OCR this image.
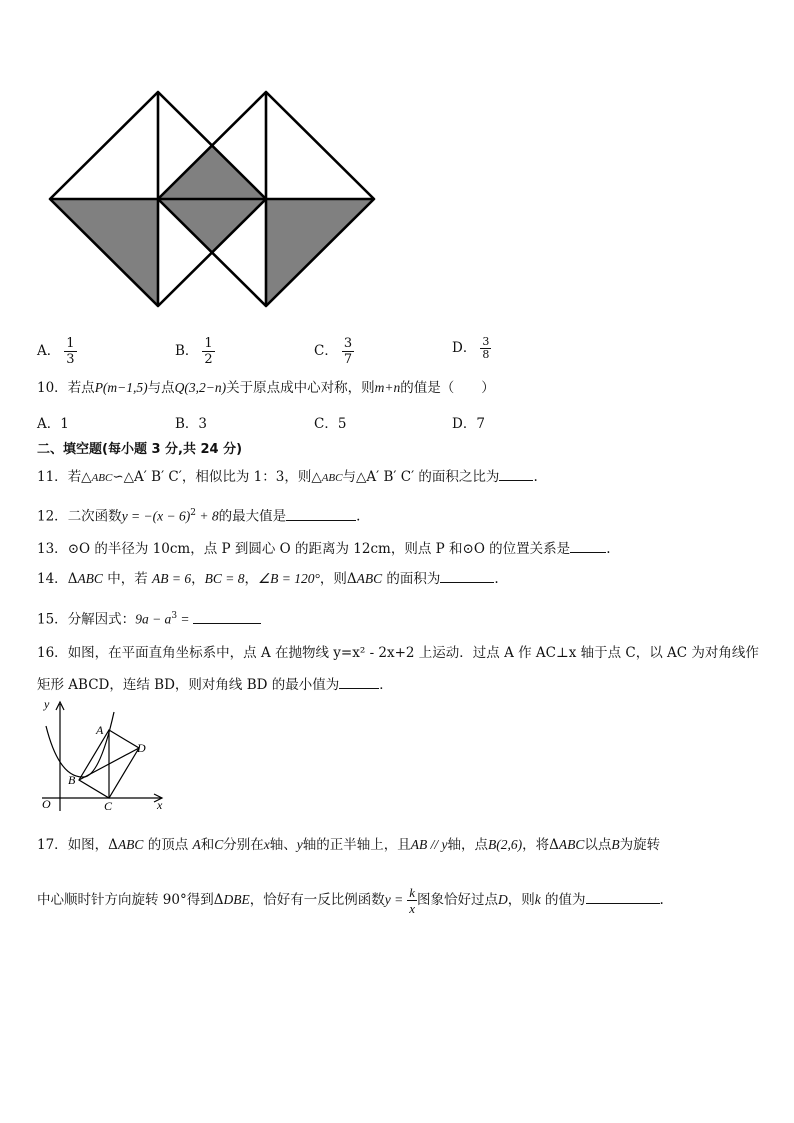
A． $\frac{1}{3}$	B． $\frac{1}{2}$	C． $\frac{3}{7}$	D． $\frac{3}{8}$
10．若点P(m−1,5)与点Q(3,2−n)关于原点成中心对称，则m+n的值是（　　）
A．1	B．3	C．5	D．7
二、填空题(每小题 3 分,共 24 分)
11．若△ABC∽△A′ B′ C′，相似比为 1：3，则△ABC与△A′ B′ C′ 的面积之比为	.
12．二次函数$y = -(x - 6)^2 + 8$的最大值是	.
13．⊙O 的半径为 10cm，点 P 到圆心 O 的距离为 12cm，则点 P 和⊙O 的位置关系是	.
14．ΔABC 中，若 AB = 6，BC = 8，∠B = 120°，则ΔABC 的面积为	.
15．分解因式：$9a - a^3$ =
16．如图，在平面直角坐标系中，点 A 在抛物线 y=x² - 2x+2 上运动．过点 A 作 AC⊥x 轴于点 C，以 AC 为对角线作
矩形 ABCD，连结 BD，则对角线 BD 的最小值为	．
y
x
O
A
B
C
D
17．如图，ΔABC 的顶点 A和C分别在x轴、y轴的正半轴上，且AB // y轴，点B(2,6)，将ΔABC以点B为旋转
中心顺时针方向旋转 90°得到ΔDBE，恰好有一反比例函数$y = \frac{k}{x}$ 图象恰好过点D，则k 的值为	.
